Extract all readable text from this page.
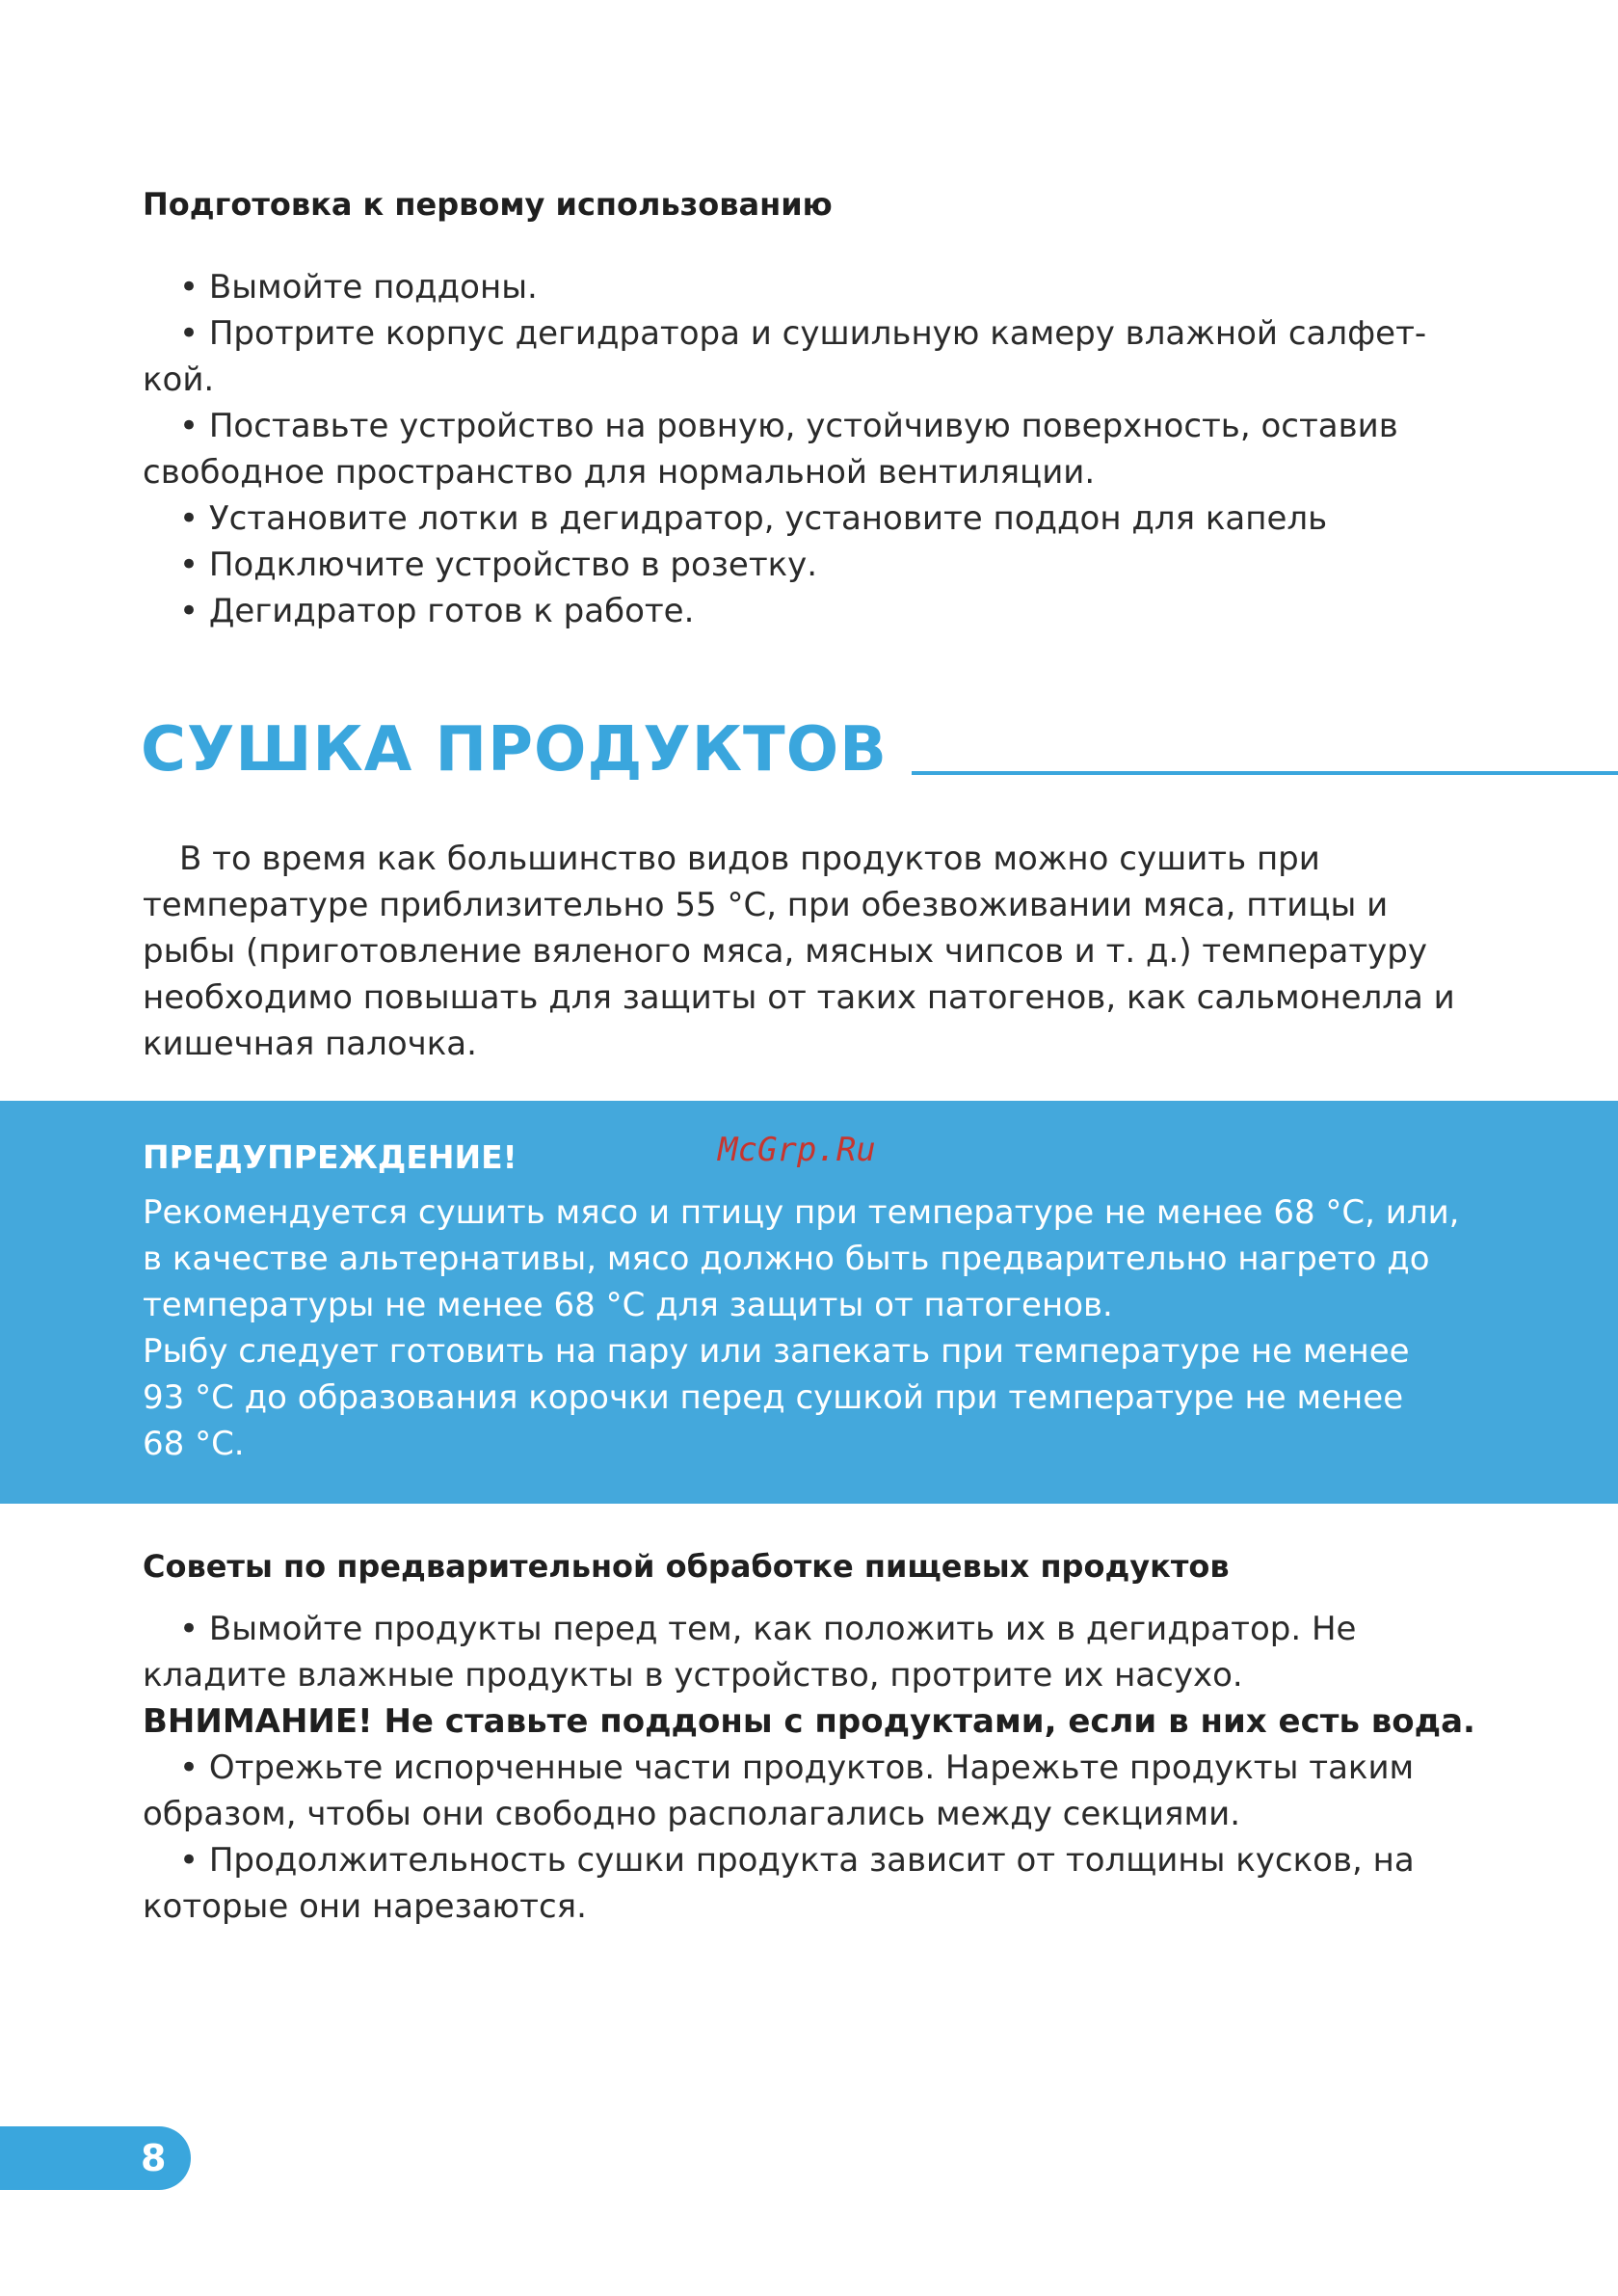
Подготовка к первому использованию
• Вымойте поддоны.
• Протрите корпус дегидратора и сушильную камеру влажной салфет-
кой.
• Поставьте устройство на ровную, устойчивую поверхность, оставив
свободное пространство для нормальной вентиляции.
• Установите лотки в дегидратор, установите поддон для капель
• Подключите устройство в розетку.
• Дегидратор готов к работе.
СУШКА ПРОДУКТОВ
В то время как большинство видов продуктов можно сушить при
температуре приблизительно 55 °С, при обезвоживании мяса, птицы и
рыбы (приготовление вяленого мяса, мясных чипсов и т. д.) температуру
необходимо повышать для защиты от таких патогенов, как сальмонелла и
кишечная палочка.
ПРЕДУПРЕЖДЕНИЕ!	McGrp.Ru
Рекомендуется сушить мясо и птицу при температуре не менее 68 °С, или,
в качестве альтернативы, мясо должно быть предварительно нагрето до
температуры не менее 68 °С для защиты от патогенов.
Рыбу следует готовить на пару или запекать при температуре не менее
93 °С до образования корочки перед сушкой при температуре не менее
68 °С.
Советы по предварительной обработке пищевых продуктов
• Вымойте продукты перед тем, как положить их в дегидратор. Не
кладите влажные продукты в устройство, протрите их насухо.
ВНИМАНИЕ! Не ставьте поддоны с продуктами, если в них есть вода.
• Отрежьте испорченные части продуктов. Нарежьте продукты таким
образом, чтобы они свободно располагались между секциями.
• Продолжительность сушки продукта зависит от толщины кусков, на
которые они нарезаются.
8
